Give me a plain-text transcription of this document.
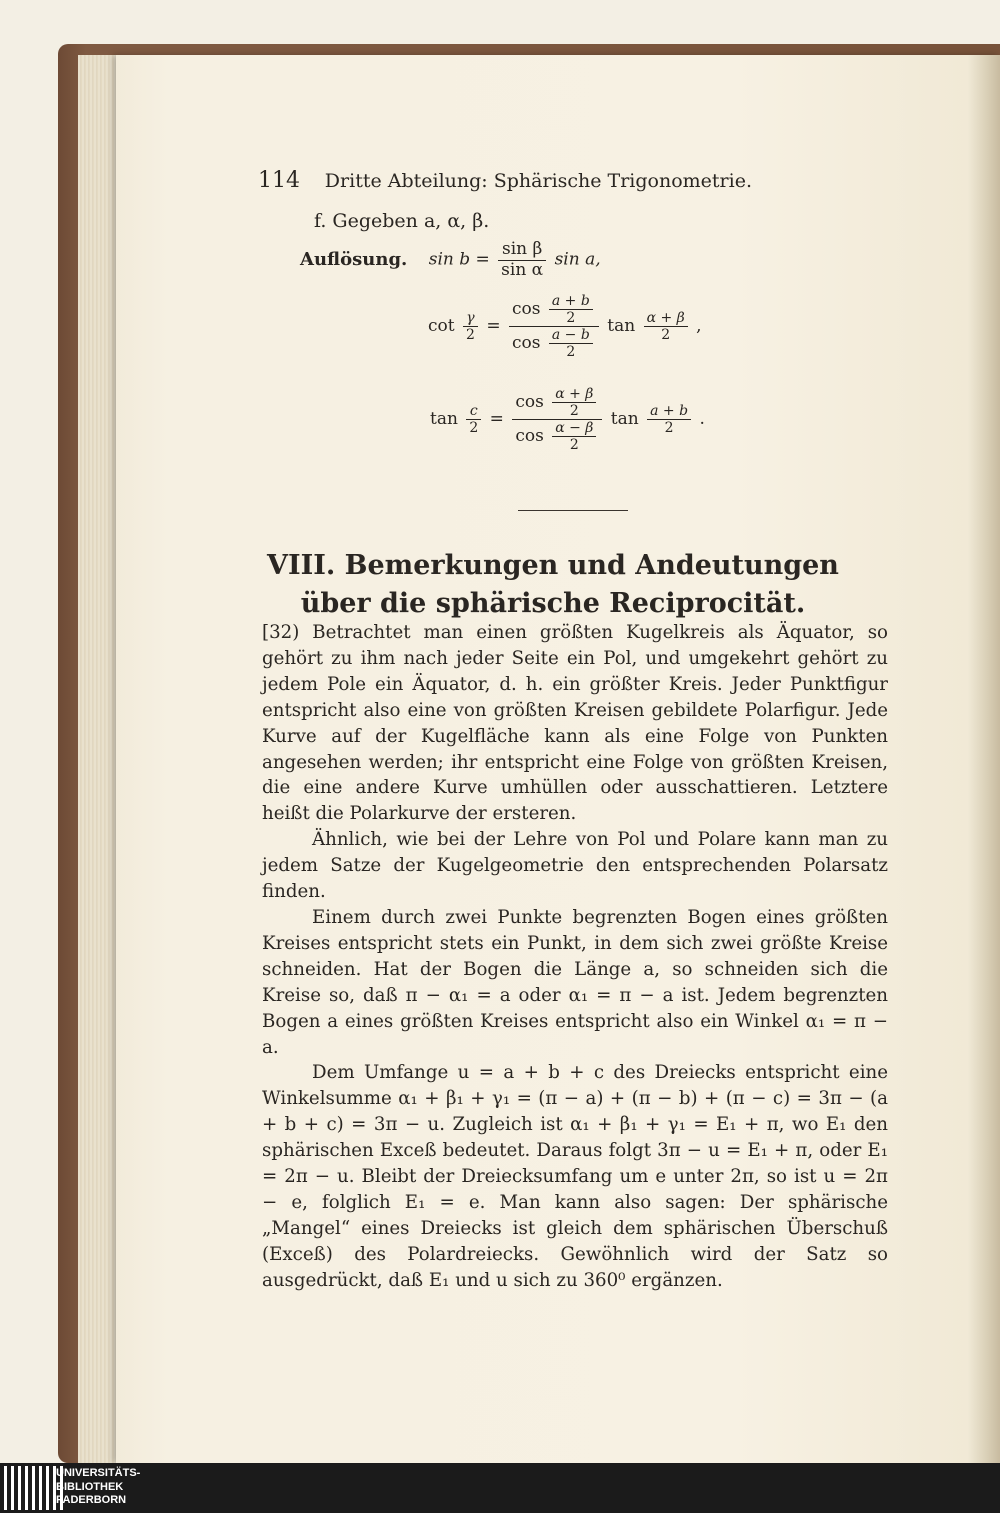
114 Dritte Abteilung: Sphärische Trigonometrie.
f. Gegeben a, α, β.
Auflösung. $\sin b = \frac{\text{sin β}}{\text{sin α}}$ sin a,
$\cot \frac{\gamma}{2} = \frac{\cos \frac{a + b}{2}}{\cos \frac{a - b}{2}}$ $\tan \frac{\alpha + \beta}{2}$ ,
$\tan \frac{c}{2} = \frac{\cos \frac{\alpha + \beta}{2}}{\cos \frac{\alpha - \beta}{2}}$ $\tan \frac{a + b}{2}$ .
VIII. Bemerkungen und Andeutungen über die sphärische Reciprocität.

[32) Betrachtet man einen größten Kugelkreis als Äquator, so gehört zu ihm nach jeder Seite ein Pol, und umgekehrt gehört zu jedem Pole ein Äquator, d. h. ein größter Kreis. Jeder Punktfigur entspricht also eine von größten Kreisen gebildete Polarfigur. Jede Kurve auf der Kugelfläche kann als eine Folge von Punkten angesehen werden; ihr entspricht eine Folge von größten Kreisen, die eine andere Kurve umhüllen oder ausschattieren. Letztere heißt die Polarkurve der ersteren.

Ähnlich, wie bei der Lehre von Pol und Polare kann man zu jedem Satze der Kugelgeometrie den entsprechenden Polarsatz finden.

Einem durch zwei Punkte begrenzten Bogen eines größten Kreises entspricht stets ein Punkt, in dem sich zwei größte Kreise schneiden. Hat der Bogen die Länge a, so schneiden sich die Kreise so, daß π − α₁ = a oder α₁ = π − a ist. Jedem begrenzten Bogen a eines größten Kreises entspricht also ein Winkel α₁ = π − a.

Dem Umfange u = a + b + c des Dreiecks entspricht eine Winkelsumme α₁ + β₁ + γ₁ = (π − a) + (π − b) + (π − c) = 3π − (a + b + c) = 3π − u. Zugleich ist α₁ + β₁ + γ₁ = E₁ + π, wo E₁ den sphärischen Exceß bedeutet. Daraus folgt 3π − u = E₁ + π, oder E₁ = 2π − u. Bleibt der Dreiecksumfang um e unter 2π, so ist u = 2π − e, folglich E₁ = e. Man kann also sagen: Der sphärische „Mangel“ eines Dreiecks ist gleich dem sphärischen Überschuß (Exceß) des Polardreiecks. Gewöhnlich wird der Satz so ausgedrückt, daß E₁ und u sich zu 360⁰ ergänzen.

UNIVERSITÄTS-
BIBLIOTHEK
PADERBORN
